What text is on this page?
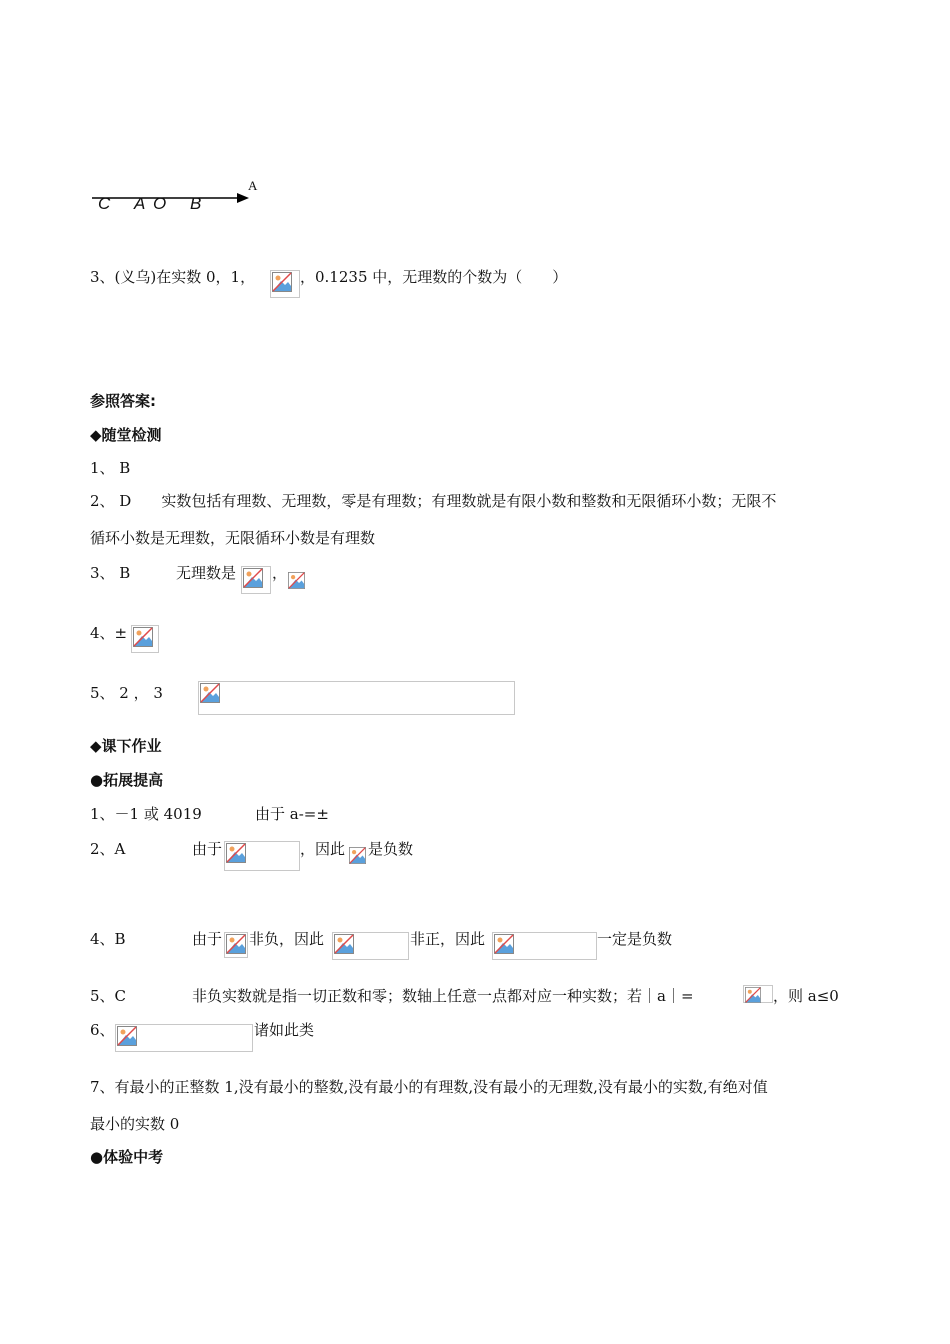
A
C A O B
3、(义乌)在实数 0，1，	，0.1235 中，无理数的个数为（　　）
参照答案:
◆随堂检测
1、 B
2、 D　　实数包括有理数、无理数，零是有理数；有理数就是有限小数和整数和无限循环小数；无限不
循环小数是无理数，无限循环小数是有理数
3、 B	无理数是 ，
4、±
5、 2 ， 3
◆课下作业
●拓展提高
1、－1 或 4019	由于 a-=±
2、A	由于	，因此 是负数
4、B	由于 非负，因此	非正，因此	一定是负数
5、C	非负实数就是指一切正数和零；数轴上任意一点都对应一种实数；若｜a｜=	，则 a≤0
6、	诸如此类
7、有最小的正整数 1,没有最小的整数,没有最小的有理数,没有最小的无理数,没有最小的实数,有绝对值
最小的实数 0
●体验中考
